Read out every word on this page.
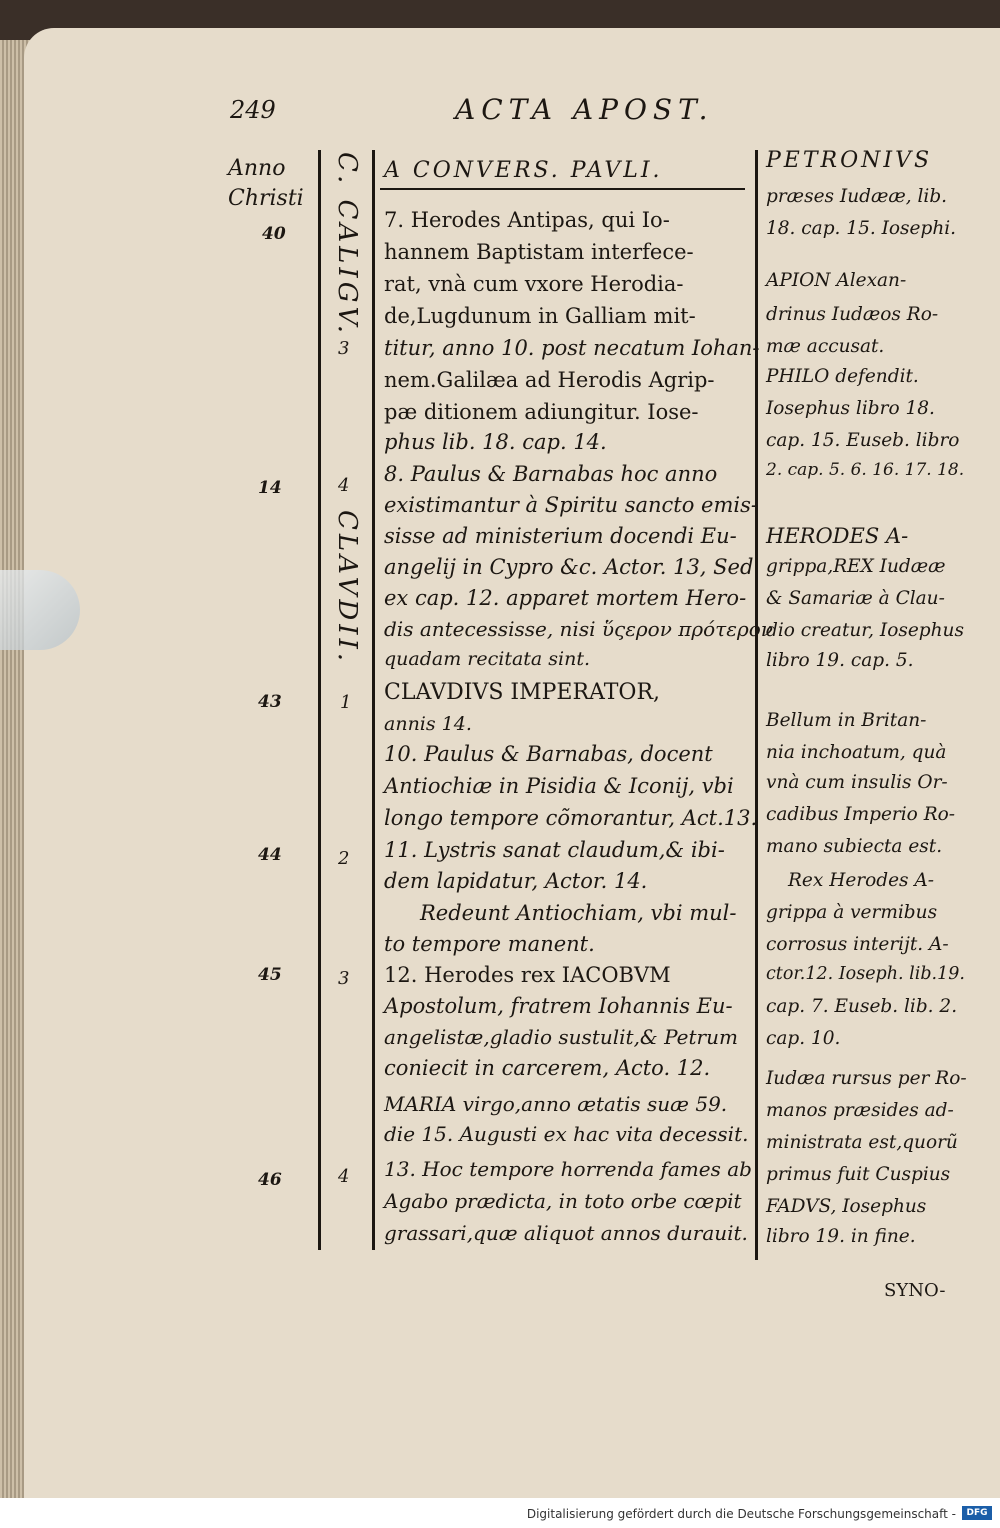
249	ACTA APOST.
Anno
Christi
40
14
43
44
45
46
C. CALIGV.
CLAVDII.
3
4
1
2
3
4
A CONVERS. PAVLI.
7. Herodes Antipas, qui Io-
hannem Baptistam interfece-
rat, vnà cum vxore Herodia-
de,Lugdunum in Galliam mit-
titur, anno 10. post necatum Iohan-
nem.Galilæa ad Herodis Agrip-
pæ ditionem adiungitur. Iose-
phus lib. 18. cap. 14.
8. Paulus & Barnabas hoc anno
existimantur à Spiritu sancto emis-
sisse ad ministerium docendi Eu-
angelij in Cypro &c. Actor. 13, Sed
ex cap. 12. apparet mortem Hero-
dis antecessisse, nisi ὕςερον πρότερον
quadam recitata sint.
CLAVDIVS IMPERATOR,
annis 14.
10. Paulus & Barnabas, docent
Antiochiæ in Pisidia & Iconij, vbi
longo tempore cõmorantur, Act.13.
11. Lystris sanat claudum,& ibi-
dem lapidatur, Actor. 14.
Redeunt Antiochiam, vbi mul-
to tempore manent.
12. Herodes rex IACOBVM
Apostolum, fratrem Iohannis Eu-
angelistæ,gladio sustulit,& Petrum
coniecit in carcerem, Acto. 12.
MARIA virgo,anno ætatis suæ 59.
die 15. Augusti ex hac vita decessit.
13. Hoc tempore horrenda fames ab
Agabo prædicta, in toto orbe cœpit
grassari,quæ aliquot annos durauit.
PETRONIVS
præses Iudææ, lib.
18. cap. 15. Iosephi.
APION Alexan-
drinus Iudæos Ro-
mæ accusat.
PHILO defendit.
Iosephus libro 18.
cap. 15. Euseb. libro
2. cap. 5. 6. 16. 17. 18.
HERODES A-
grippa,REX Iudææ
& Samariæ à Clau-
dio creatur, Iosephus
libro 19. cap. 5.
Bellum in Britan-
nia inchoatum, quà
vnà cum insulis Or-
cadibus Imperio Ro-
mano subiecta est.
Rex Herodes A-
grippa à vermibus
corrosus interijt. A-
ctor.12. Ioseph. lib.19.
cap. 7. Euseb. lib. 2.
cap. 10.
Iudæa rursus per Ro-
manos præsides ad-
ministrata est,quorũ
primus fuit Cuspius
FADVS, Iosephus
libro 19. in fine.
SYNO-
Digitalisierung gefördert durch die Deutsche Forschungsgemeinschaft -	DFG
